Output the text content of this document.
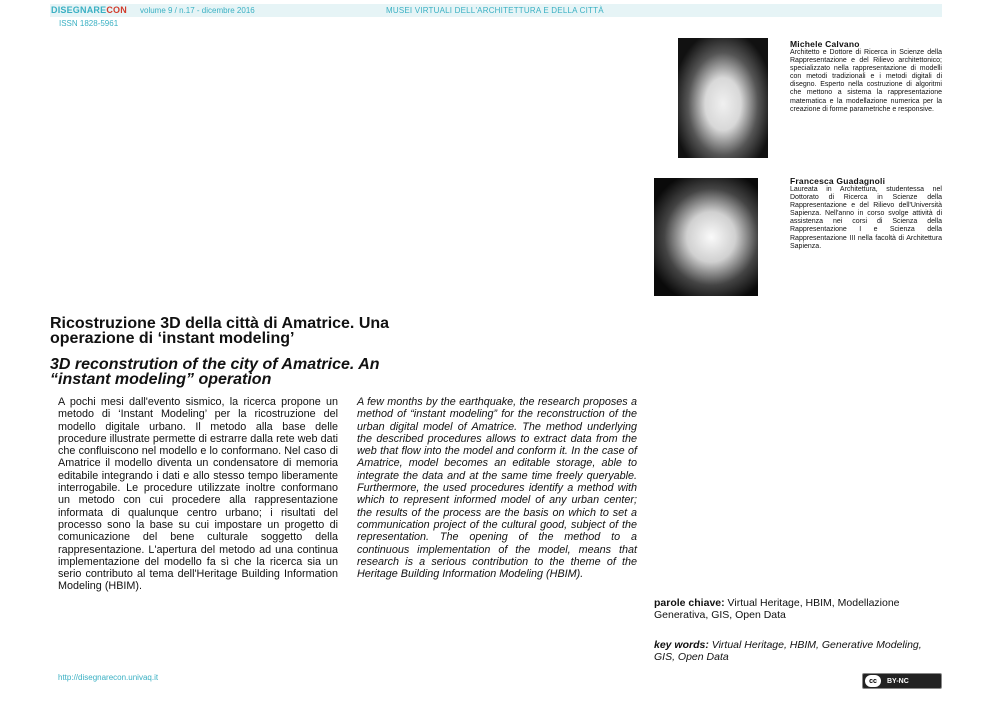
DISEGNARECON volume 9 / n.17 - dicembre 2016	MUSEI VIRTUALI DELL'ARCHITETTURA E DELLA CITTÀ
ISSN 1828-5961
Michele Calvano
Architetto e Dottore di Ricerca in Scienze della Rappresentazione e del Rilievo architettonico; specializzato nella rappresentazione di modelli con metodi tradizionali e i metodi digitali di disegno. Esperto nella costruzione di algoritmi che mettono a sistema la rappresentazione matematica e la modellazione numerica per la creazione di forme parametriche e responsive.
Francesca Guadagnoli
Laureata in Architettura, studentessa nel Dottorato di Ricerca in Scienze della Rappresentazione e del Rilievo dell'Università Sapienza. Nell'anno in corso svolge attività di assistenza nei corsi di Scienza della Rappresentazione I e Scienza della Rappresentazione III nella facoltà di Architettura Sapienza.
Ricostruzione 3D della città di Amatrice. Una operazione di ‘instant modeling’
3D reconstrution of the city of Amatrice. An “instant modeling” operation
A pochi mesi dall'evento sismico, la ricerca propone un metodo di ‘Instant Modeling’ per la ricostruzione del modello digitale urbano. Il metodo alla base delle procedure illustrate permette di estrarre dalla rete web dati che confluiscono nel modello e lo conformano. Nel caso di Amatrice il modello diventa un condensatore di memoria editabile integrando i dati e allo stesso tempo liberamente interrogabile. Le procedure utilizzate inoltre conformano un metodo con cui procedere alla rappresentazione informata di qualunque centro urbano; i risultati del processo sono la base su cui impostare un progetto di comunicazione del bene culturale soggetto della rappresentazione. L'apertura del metodo ad una continua implementazione del modello fa sì che la ricerca sia un serio contributo al tema dell'Heritage Building Information Modeling (HBIM).
A few months by the earthquake, the research proposes a method of “instant modeling” for the reconstruction of the urban digital model of Amatrice. The method underlying the described procedures allows to extract data from the web that flow into the model and conform it. In the case of Amatrice, model becomes an editable storage, able to integrate the data and at the same time freely queryable. Furthermore, the used procedures identify a method with which to represent informed model of any urban center; the results of the process are the basis on which to set a communication project of the cultural good, subject of the representation. The opening of the method to a continuous implementation of the model, means that research is a serious contribution to the theme of the Heritage Building Information Modeling (HBIM).
parole chiave: Virtual Heritage, HBIM, Modellazione Generativa, GIS, Open Data
key words: Virtual Heritage, HBIM, Generative Modeling, GIS, Open Data
http://disegnarecon.univaq.it	cc	BY-NC
